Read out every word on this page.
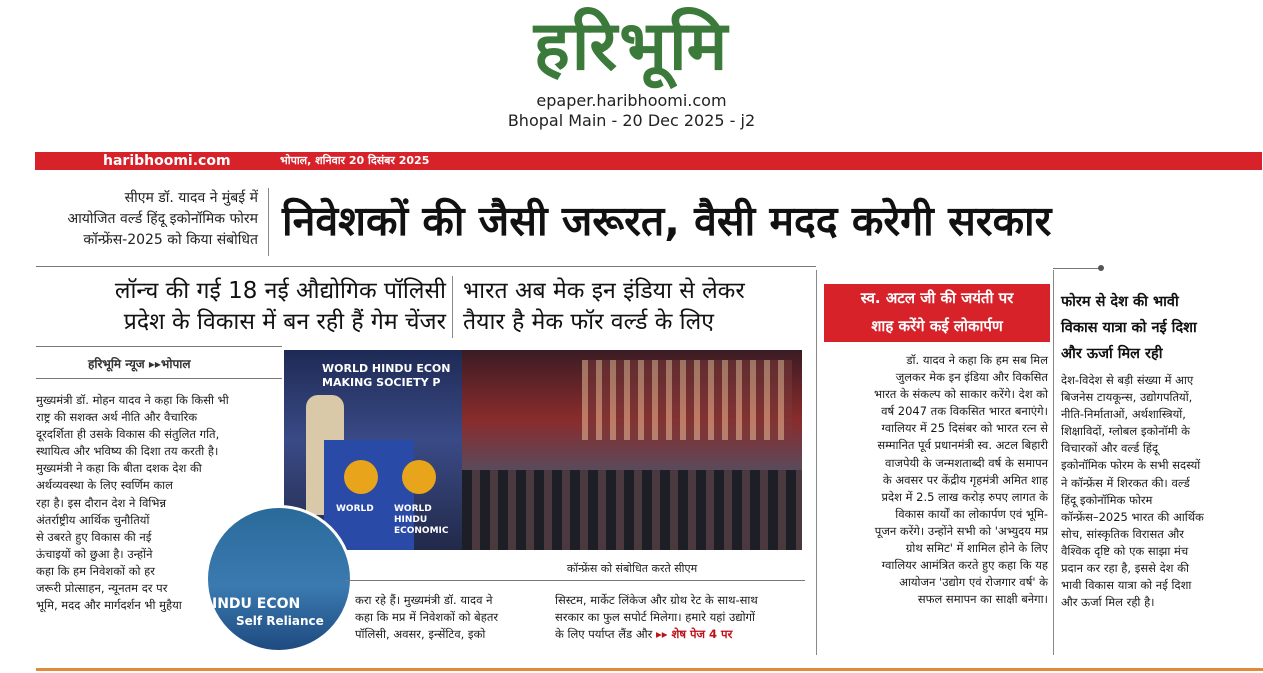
हरिभूमि
epaper.haribhoomi.com
Bhopal Main - 20 Dec 2025 - j2
haribhoomi.com	भोपाल, शनिवार 20 दिसंबर 2025
सीएम डॉ. यादव ने मुंबई में
आयोजित वर्ल्ड हिंदू इकोनॉमिक फोरम
कॉन्फ्रेंस-2025 को किया संबोधित निवेशकों की जैसी जरूरत, वैसी मदद करेगी सरकार
लॉन्च की गई 18 नई औद्योगिक पॉलिसी
प्रदेश के विकास में बन रही हैं गेम चेंजर
भारत अब मेक इन इंडिया से लेकर
तैयार है मेक फॉर वर्ल्ड के लिए
हरिभूमि न्यूज ▸▸भोपाल
मुख्यमंत्री डॉ. मोहन यादव ने कहा कि किसी भी
राष्ट्र की सशक्त अर्थ नीति और वैचारिक
दूरदर्शिता ही उसके विकास की संतुलित गति,
स्थायित्व और भविष्य की दिशा तय करती है।
मुख्यमंत्री ने कहा कि बीता दशक देश की
अर्थव्यवस्था के लिए स्वर्णिम काल
रहा है। इस दौरान देश ने विभिन्न
अंतर्राष्ट्रीय आर्थिक चुनौतियों
से उबरते हुए विकास की नई
ऊंचाइयों को छुआ है। उन्होंने
कहा कि हम निवेशकों को हर
जरूरी प्रोत्साहन, न्यूनतम दर पर
भूमि, मदद और मार्गदर्शन भी मुहैया
WORLD HINDU ECON
MAKING SOCIETY P
WORLD WORLD HINDU ECONOMIC
INDU ECON
Self Reliance
कॉन्फ्रेंस को संबोधित करते सीएम
करा रहे हैं। मुख्यमंत्री डॉ. यादव ने
कहा कि मप्र में निवेशकों को बेहतर
पॉलिसी, अवसर, इन्सेंटिव, इको
सिस्टम, मार्केट लिंकेज और ग्रोथ रेट के साथ-साथ
सरकार का फुल सपोर्ट मिलेगा। हमारे यहां उद्योगों
के लिए पर्याप्त लैंड और ▸▸ शेष पेज 4 पर
स्व. अटल जी की जयंती पर
शाह करेंगे कई लोकार्पण
डॉ. यादव ने कहा कि हम सब मिल
जुलकर मेक इन इंडिया और विकसित
भारत के संकल्प को साकार करेंगे। देश को
वर्ष 2047 तक विकसित भारत बनाएंगे।
ग्वालियर में 25 दिसंबर को भारत रत्न से
सम्मानित पूर्व प्रधानमंत्री स्व. अटल बिहारी
वाजपेयी के जन्मशताब्दी वर्ष के समापन
के अवसर पर केंद्रीय गृहमंत्री अमित शाह
प्रदेश में 2.5 लाख करोड़ रुपए लागत के
विकास कार्यों का लोकार्पण एवं भूमि-
पूजन करेंगे। उन्होंने सभी को 'अभ्युदय मप्र
ग्रोथ समिट' में शामिल होने के लिए
ग्वालियर आमंत्रित करते हुए कहा कि यह
आयोजन 'उद्योग एवं रोजगार वर्ष' के
सफल समापन का साक्षी बनेगा।
फोरम से देश की भावी
विकास यात्रा को नई दिशा
और ऊर्जा मिल रही
देश-विदेश से बड़ी संख्या में आए
बिजनेस टायकून्स, उद्योगपतियों,
नीति-निर्माताओं, अर्थशास्त्रियों,
शिक्षाविदों, ग्लोबल इकोनॉमी के
विचारकों और वर्ल्ड हिंदू
इकोनॉमिक फोरम के सभी सदस्यों
ने कॉन्फ्रेंस में शिरकत की। वर्ल्ड
हिंदू इकोनॉमिक फोरम
कॉन्फ्रेंस–2025 भारत की आर्थिक
सोच, सांस्कृतिक विरासत और
वैश्विक दृष्टि को एक साझा मंच
प्रदान कर रहा है, इससे देश की
भावी विकास यात्रा को नई दिशा
और ऊर्जा मिल रही है।
